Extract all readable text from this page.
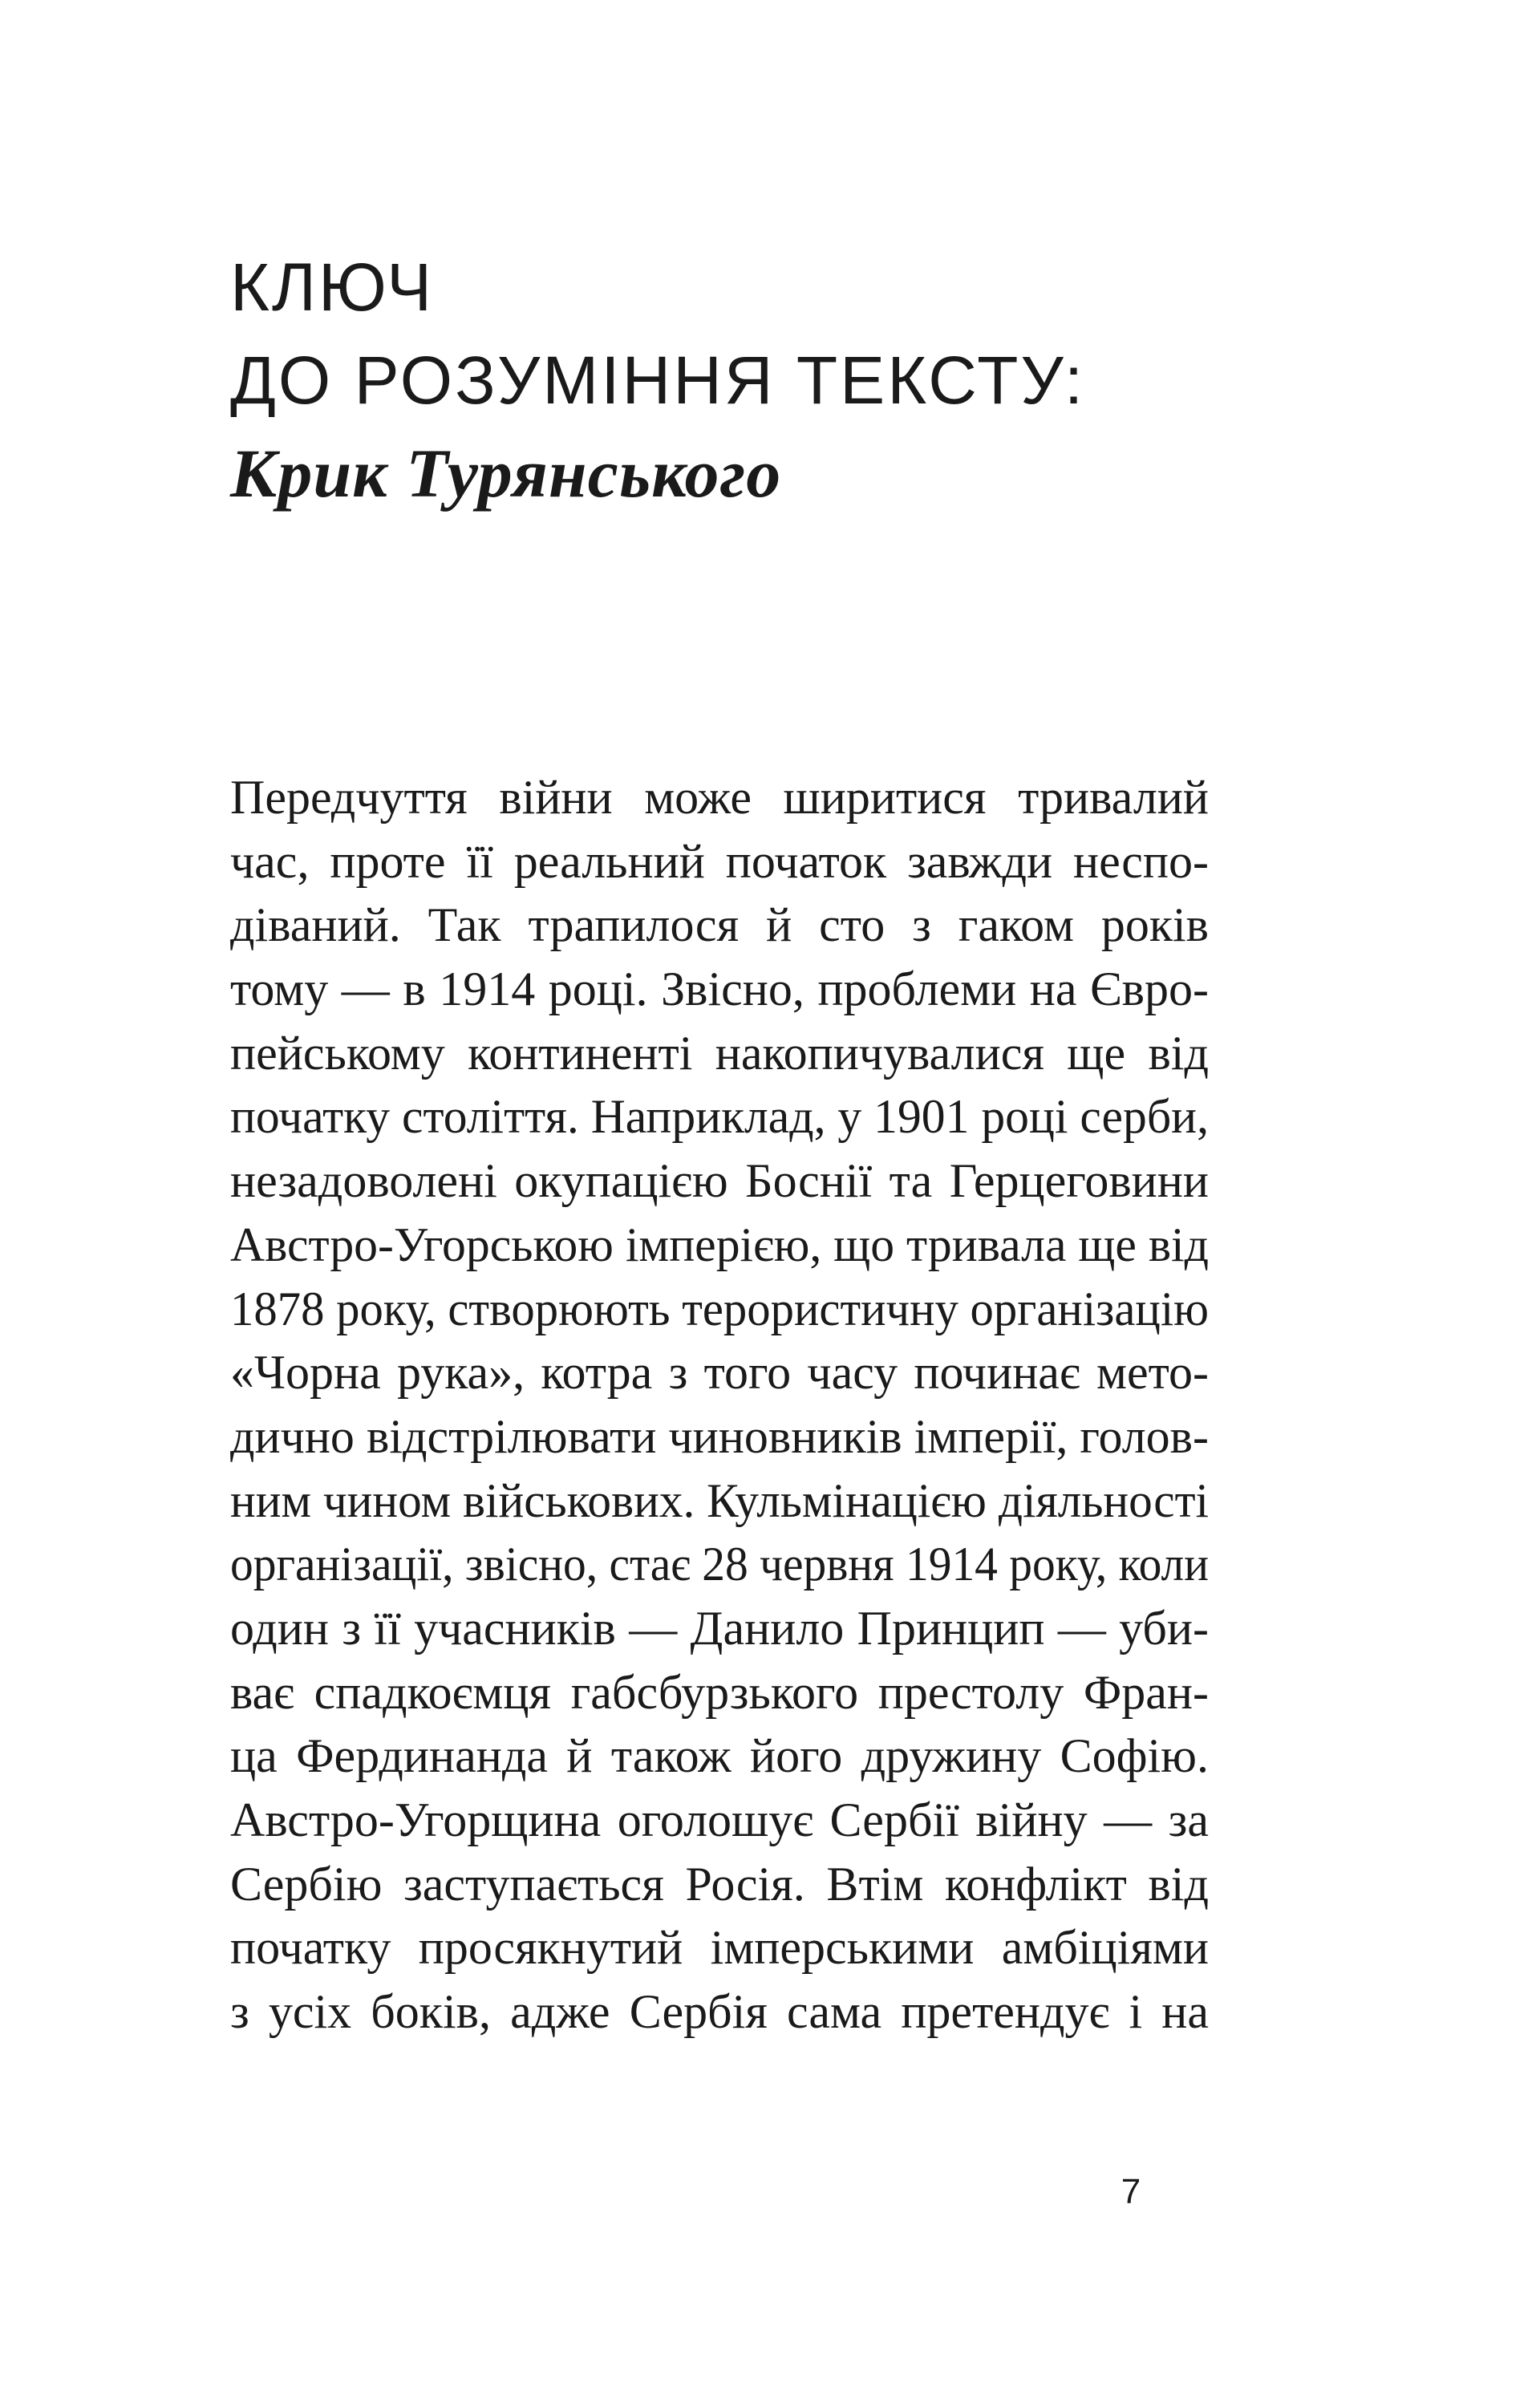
КЛЮЧ
ДО РОЗУМІННЯ ТЕКСТУ:
Крик Турянського
Передчуття війни може ширитися тривалий
час, проте її реальний початок завжди неспо-
діваний. Так трапилося й сто з гаком років
тому — в 1914 році. Звісно, проблеми на Євро-
пейському континенті накопичувалися ще від
початку століття. Наприклад, у 1901 році серби,
незадоволені окупацією Боснії та Герцеговини
Австро-Угорською імперією, що тривала ще від
1878 року, створюють терористичну організацію
«Чорна рука», котра з того часу починає мето-
дично відстрілювати чиновників імперії, голов-
ним чином військових. Кульмінацією діяльності
організації, звісно, стає 28 червня 1914 року, коли
один з її учасників — Данило Принцип — уби-
ває спадкоємця габсбурзького престолу Фран-
ца Фердинанда й також його дружину Софію.
Австро-Угорщина оголошує Сербії війну — за
Сербію заступається Росія. Втім конфлікт від
початку просякнутий імперськими амбіціями
з усіх боків, адже Сербія сама претендує і на
7
